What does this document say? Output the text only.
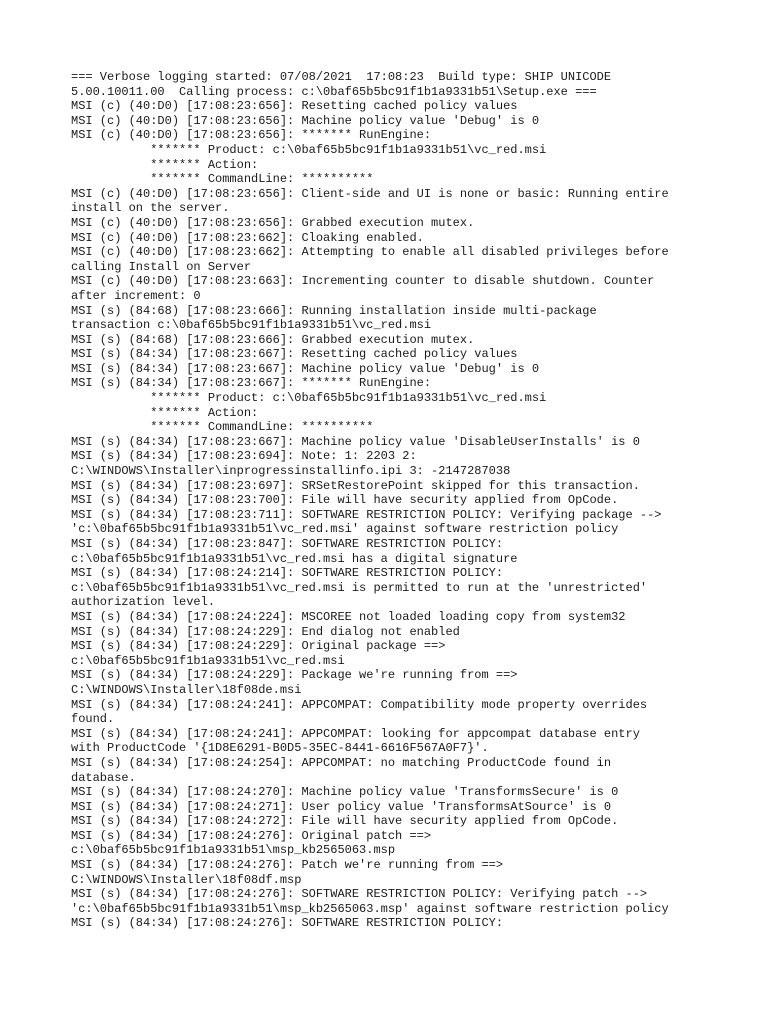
=== Verbose logging started: 07/08/2021  17:08:23  Build type: SHIP UNICODE
5.00.10011.00  Calling process: c:\0baf65b5bc91f1b1a9331b51\Setup.exe ===
MSI (c) (40:D0) [17:08:23:656]: Resetting cached policy values
MSI (c) (40:D0) [17:08:23:656]: Machine policy value 'Debug' is 0
MSI (c) (40:D0) [17:08:23:656]: ******* RunEngine:
******* Product: c:\0baf65b5bc91f1b1a9331b51\vc_red.msi
******* Action:
******* CommandLine: **********
MSI (c) (40:D0) [17:08:23:656]: Client-side and UI is none or basic: Running entire
install on the server.
MSI (c) (40:D0) [17:08:23:656]: Grabbed execution mutex.
MSI (c) (40:D0) [17:08:23:662]: Cloaking enabled.
MSI (c) (40:D0) [17:08:23:662]: Attempting to enable all disabled privileges before
calling Install on Server
MSI (c) (40:D0) [17:08:23:663]: Incrementing counter to disable shutdown. Counter
after increment: 0
MSI (s) (84:68) [17:08:23:666]: Running installation inside multi-package
transaction c:\0baf65b5bc91f1b1a9331b51\vc_red.msi
MSI (s) (84:68) [17:08:23:666]: Grabbed execution mutex.
MSI (s) (84:34) [17:08:23:667]: Resetting cached policy values
MSI (s) (84:34) [17:08:23:667]: Machine policy value 'Debug' is 0
MSI (s) (84:34) [17:08:23:667]: ******* RunEngine:
******* Product: c:\0baf65b5bc91f1b1a9331b51\vc_red.msi
******* Action:
******* CommandLine: **********
MSI (s) (84:34) [17:08:23:667]: Machine policy value 'DisableUserInstalls' is 0
MSI (s) (84:34) [17:08:23:694]: Note: 1: 2203 2:
C:\WINDOWS\Installer\inprogressinstallinfo.ipi 3: -2147287038
MSI (s) (84:34) [17:08:23:697]: SRSetRestorePoint skipped for this transaction.
MSI (s) (84:34) [17:08:23:700]: File will have security applied from OpCode.
MSI (s) (84:34) [17:08:23:711]: SOFTWARE RESTRICTION POLICY: Verifying package -->
'c:\0baf65b5bc91f1b1a9331b51\vc_red.msi' against software restriction policy
MSI (s) (84:34) [17:08:23:847]: SOFTWARE RESTRICTION POLICY:
c:\0baf65b5bc91f1b1a9331b51\vc_red.msi has a digital signature
MSI (s) (84:34) [17:08:24:214]: SOFTWARE RESTRICTION POLICY:
c:\0baf65b5bc91f1b1a9331b51\vc_red.msi is permitted to run at the 'unrestricted'
authorization level.
MSI (s) (84:34) [17:08:24:224]: MSCOREE not loaded loading copy from system32
MSI (s) (84:34) [17:08:24:229]: End dialog not enabled
MSI (s) (84:34) [17:08:24:229]: Original package ==>
c:\0baf65b5bc91f1b1a9331b51\vc_red.msi
MSI (s) (84:34) [17:08:24:229]: Package we're running from ==>
C:\WINDOWS\Installer\18f08de.msi
MSI (s) (84:34) [17:08:24:241]: APPCOMPAT: Compatibility mode property overrides
found.
MSI (s) (84:34) [17:08:24:241]: APPCOMPAT: looking for appcompat database entry
with ProductCode '{1D8E6291-B0D5-35EC-8441-6616F567A0F7}'.
MSI (s) (84:34) [17:08:24:254]: APPCOMPAT: no matching ProductCode found in
database.
MSI (s) (84:34) [17:08:24:270]: Machine policy value 'TransformsSecure' is 0
MSI (s) (84:34) [17:08:24:271]: User policy value 'TransformsAtSource' is 0
MSI (s) (84:34) [17:08:24:272]: File will have security applied from OpCode.
MSI (s) (84:34) [17:08:24:276]: Original patch ==>
c:\0baf65b5bc91f1b1a9331b51\msp_kb2565063.msp
MSI (s) (84:34) [17:08:24:276]: Patch we're running from ==>
C:\WINDOWS\Installer\18f08df.msp
MSI (s) (84:34) [17:08:24:276]: SOFTWARE RESTRICTION POLICY: Verifying patch -->
'c:\0baf65b5bc91f1b1a9331b51\msp_kb2565063.msp' against software restriction policy
MSI (s) (84:34) [17:08:24:276]: SOFTWARE RESTRICTION POLICY:
